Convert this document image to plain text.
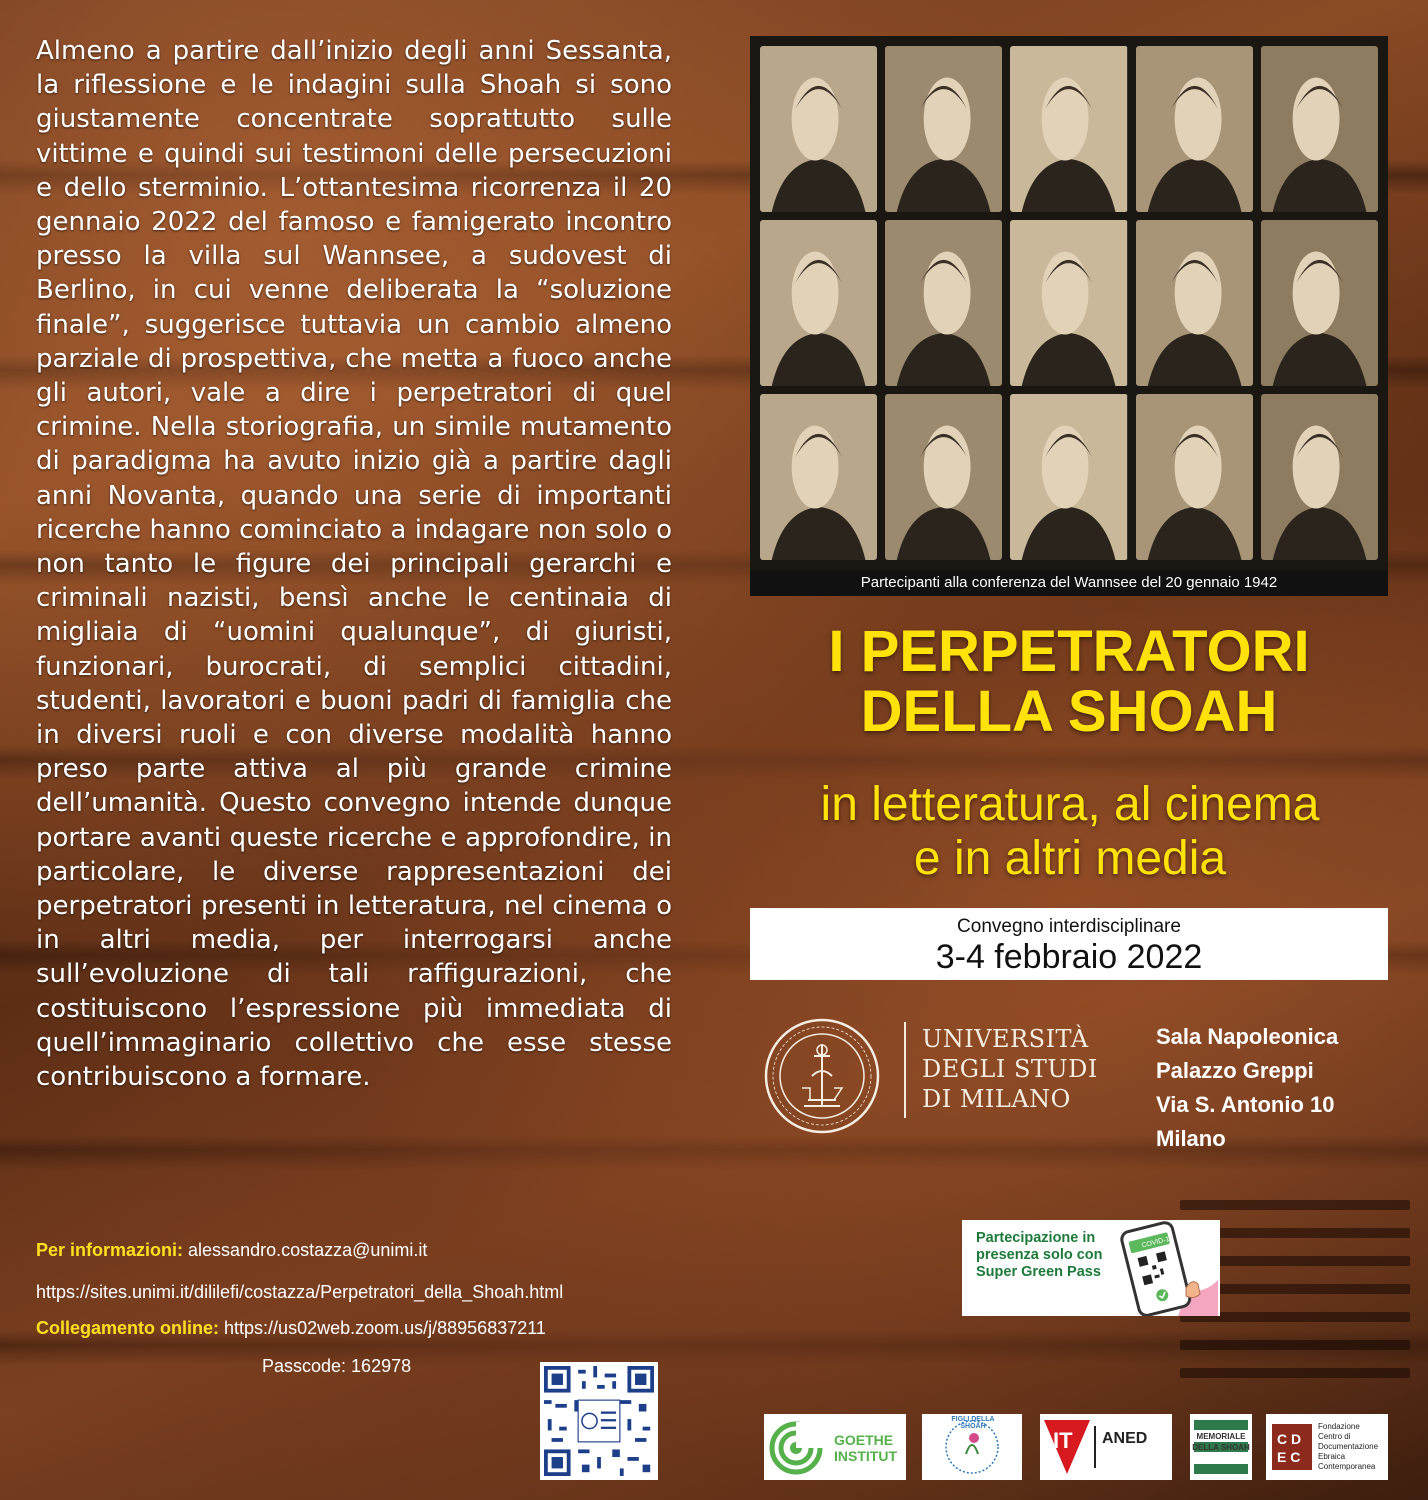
Almeno a partire dall’inizio degli anni Sessanta, la riflessione e le indagini sulla Shoah si sono giustamente concentrate soprattutto sulle vittime e quindi sui testimoni delle persecuzioni e dello sterminio. L’ottantesima ricorrenza il 20 gennaio 2022 del famoso e famigerato incontro presso la villa sul Wannsee, a sudovest di Berlino, in cui venne deliberata la “soluzione finale”, suggerisce tuttavia un cambio almeno parziale di prospettiva, che metta a fuoco anche gli autori, vale a dire i perpetratori di quel crimine. Nella storiografia, un simile mutamento di paradigma ha avuto inizio già a partire dagli anni Novanta, quando una serie di importanti ricerche hanno cominciato a indagare non solo o non tanto le figure dei principali gerarchi e criminali nazisti, bensì anche le centinaia di migliaia di “uomini qualunque”, di giuristi, funzionari, burocrati, di semplici cittadini, studenti, lavoratori e buoni padri di famiglia che in diversi ruoli e con diverse modalità hanno preso parte attiva al più grande crimine dell’umanità. Questo convegno intende dunque portare avanti queste ricerche e approfondire, in particolare, le diverse rappresentazioni dei perpetratori presenti in letteratura, nel cinema o in altri media, per interrogarsi anche sull’evoluzione di tali raffigurazioni, che costituiscono l’espressione più immediata di quell’immaginario collettivo che esse stesse contribuiscono a formare.
Per informazioni: alessandro.costazza@unimi.it
https://sites.unimi.it/dililefi/costazza/Perpetratori_della_Shoah.html
Collegamento online: https://us02web.zoom.us/j/88956837211
Passcode: 162978
Partecipanti alla conferenza del Wannsee del 20 gennaio 1942
I PERPETRATORI
DELLA SHOAH
in letteratura, al cinema
e in altri media
Convegno interdisciplinare
3-4 febbraio 2022
UNIVERSITÀ
DEGLI STUDI
DI MILANO
Sala Napoleonica
Palazzo Greppi
Via S. Antonio 10
Milano
Partecipazione in presenza solo con Super Green Pass
COVID-19
GOETHE INSTITUT
FIGLI DELLA SHOAH
IT ANED	MEMORIALE DELLA SHOAH
C D
E C
Fondazione Centro di Documentazione Ebraica Contemporanea
